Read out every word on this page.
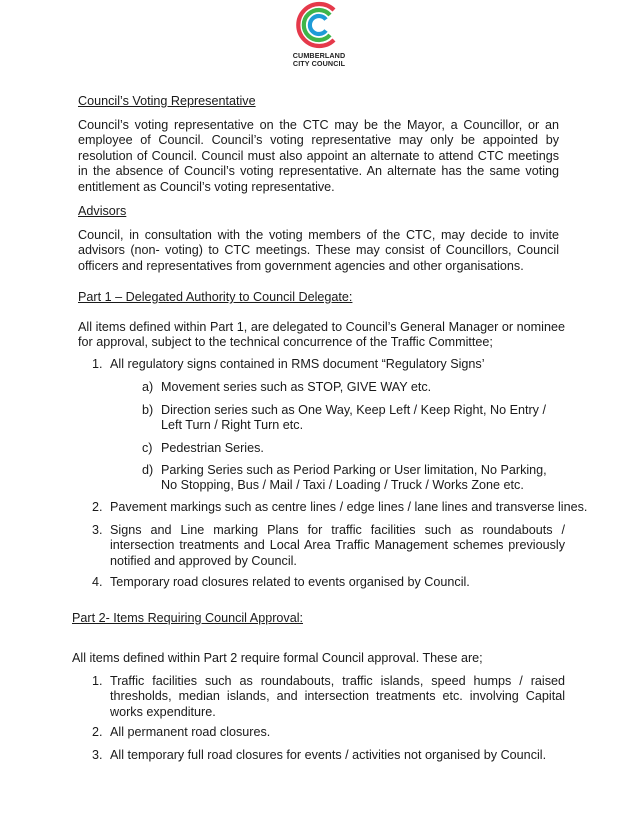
CUMBERLAND
CITY COUNCIL
Council’s Voting Representative

Council’s voting representative on the CTC may be the Mayor, a Councillor, or an employee of Council. Council’s voting representative may only be appointed by resolution of Council. Council must also appoint an alternate to attend CTC meetings in the absence of Council’s voting representative. An alternate has the same voting entitlement as Council’s voting representative.

Advisors

Council, in consultation with the voting members of the CTC, may decide to invite advisors (non- voting) to CTC meetings. These may consist of Councillors, Council officers and representatives from government agencies and other organisations.

Part 1 – Delegated Authority to Council Delegate:

All items defined within Part 1, are delegated to Council’s General Manager or nominee for approval, subject to the technical concurrence of the Traffic Committee;

1. All regulatory signs contained in RMS document “Regulatory Signs’
a) Movement series such as STOP, GIVE WAY etc.
b) Direction series such as One Way, Keep Left / Keep Right, No Entry / Left Turn / Right Turn etc.
c) Pedestrian Series.
d) Parking Series such as Period Parking or User limitation, No Parking, No Stopping, Bus / Mail / Taxi / Loading / Truck / Works Zone etc.
2. Pavement markings such as centre lines / edge lines / lane lines and transverse lines.
3. Signs and Line marking Plans for traffic facilities such as roundabouts / intersection treatments and Local Area Traffic Management schemes previously notified and approved by Council.

4. Temporary road closures related to events organised by Council.
Part 2- Items Requiring Council Approval:

All items defined within Part 2 require formal Council approval. These are;

1. Traffic facilities such as roundabouts, traffic islands, speed humps / raised thresholds, median islands, and intersection treatments etc. involving Capital works expenditure.

2. All permanent road closures.
3. All temporary full road closures for events / activities not organised by Council.
